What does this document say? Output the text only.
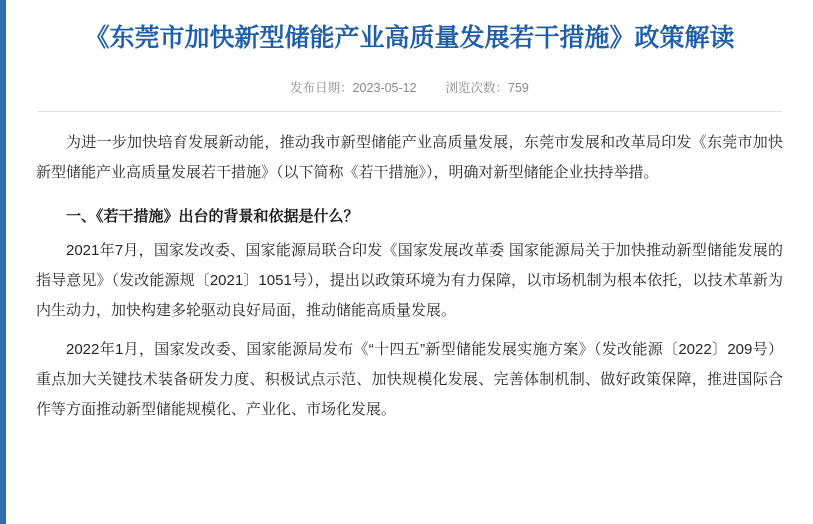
《东莞市加快新型储能产业高质量发展若干措施》政策解读
发布日期：2023-05-12 浏览次数：759

为进一步加快培育发展新动能，推动我市新型储能产业高质量发展，东莞市发展和改革局印发《东莞市加快新型储能产业高质量发展若干措施》（以下简称《若干措施》），明确对新型储能企业扶持举措。

一、《若干措施》出台的背景和依据是什么？

2021年7月，国家发改委、国家能源局联合印发《国家发展改革委 国家能源局关于加快推动新型储能发展的指导意见》（发改能源规〔2021〕1051号），提出以政策环境为有力保障，以市场机制为根本依托，以技术革新为内生动力，加快构建多轮驱动良好局面，推动储能高质量发展。

2022年1月，国家发改委、国家能源局发布《“十四五”新型储能发展实施方案》（发改能源〔2022〕209号）重点加大关键技术装备研发力度、积极试点示范、加快规模化发展、完善体制机制、做好政策保障，推进国际合作等方面推动新型储能规模化、产业化、市场化发展。
